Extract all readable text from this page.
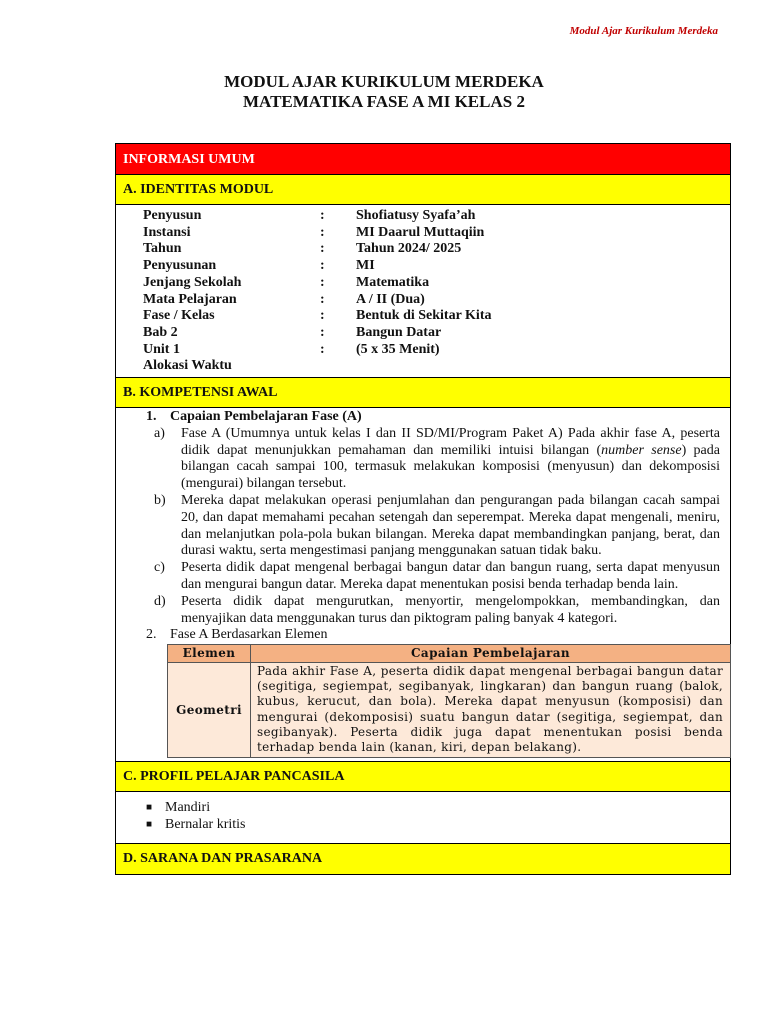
Modul Ajar Kurikulum Merdeka
MODUL AJAR KURIKULUM MERDEKA
MATEMATIKA FASE A MI KELAS 2
INFORMASI UMUM
A. IDENTITAS MODUL
Penyusun	:	Shofiatusy Syafa’ah
Instansi	:	MI Daarul Muttaqiin
Tahun	:	Tahun 2024/ 2025
Penyusunan	:	MI
Jenjang Sekolah	:	Matematika
Mata Pelajaran	:	A / II (Dua)
Fase / Kelas	:	Bentuk di Sekitar Kita
Bab 2	:	Bangun Datar
Unit 1	:	(5 x 35 Menit)
Alokasi Waktu
B. KOMPETENSI AWAL
1. Capaian Pembelajaran Fase (A)
a)	Fase A (Umumnya untuk kelas I dan II SD/MI/Program Paket A) Pada akhir fase A, peserta didik dapat menunjukkan pemahaman dan memiliki intuisi bilangan (number sense) pada bilangan cacah sampai 100, termasuk melakukan komposisi (menyusun) dan dekomposisi (mengurai) bilangan tersebut.
b)	Mereka dapat melakukan operasi penjumlahan dan pengurangan pada bilangan cacah sampai 20, dan dapat memahami pecahan setengah dan seperempat. Mereka dapat mengenali, meniru, dan melanjutkan pola-pola bukan bilangan. Mereka dapat membandingkan panjang, berat, dan durasi waktu, serta mengestimasi panjang menggunakan satuan tidak baku.
c)	Peserta didik dapat mengenal berbagai bangun datar dan bangun ruang, serta dapat menyusun dan mengurai bangun datar. Mereka dapat menentukan posisi benda terhadap benda lain.
d)	Peserta didik dapat mengurutkan, menyortir, mengelompokkan, membandingkan, dan menyajikan data menggunakan turus dan piktogram paling banyak 4 kategori.
2. Fase A Berdasarkan Elemen
Elemen	Capaian Pembelajaran
Geometri	Pada akhir Fase A, peserta didik dapat mengenal berbagai bangun datar (segitiga, segiempat, segibanyak, lingkaran) dan bangun ruang (balok, kubus, kerucut, dan bola). Mereka dapat menyusun (komposisi) dan mengurai (dekomposisi) suatu bangun datar (segitiga, segiempat, dan segibanyak). Peserta didik juga dapat menentukan posisi benda terhadap benda lain (kanan, kiri, depan belakang).
C. PROFIL PELAJAR PANCASILA
■ Mandiri
■ Bernalar kritis
D. SARANA DAN PRASARANA
